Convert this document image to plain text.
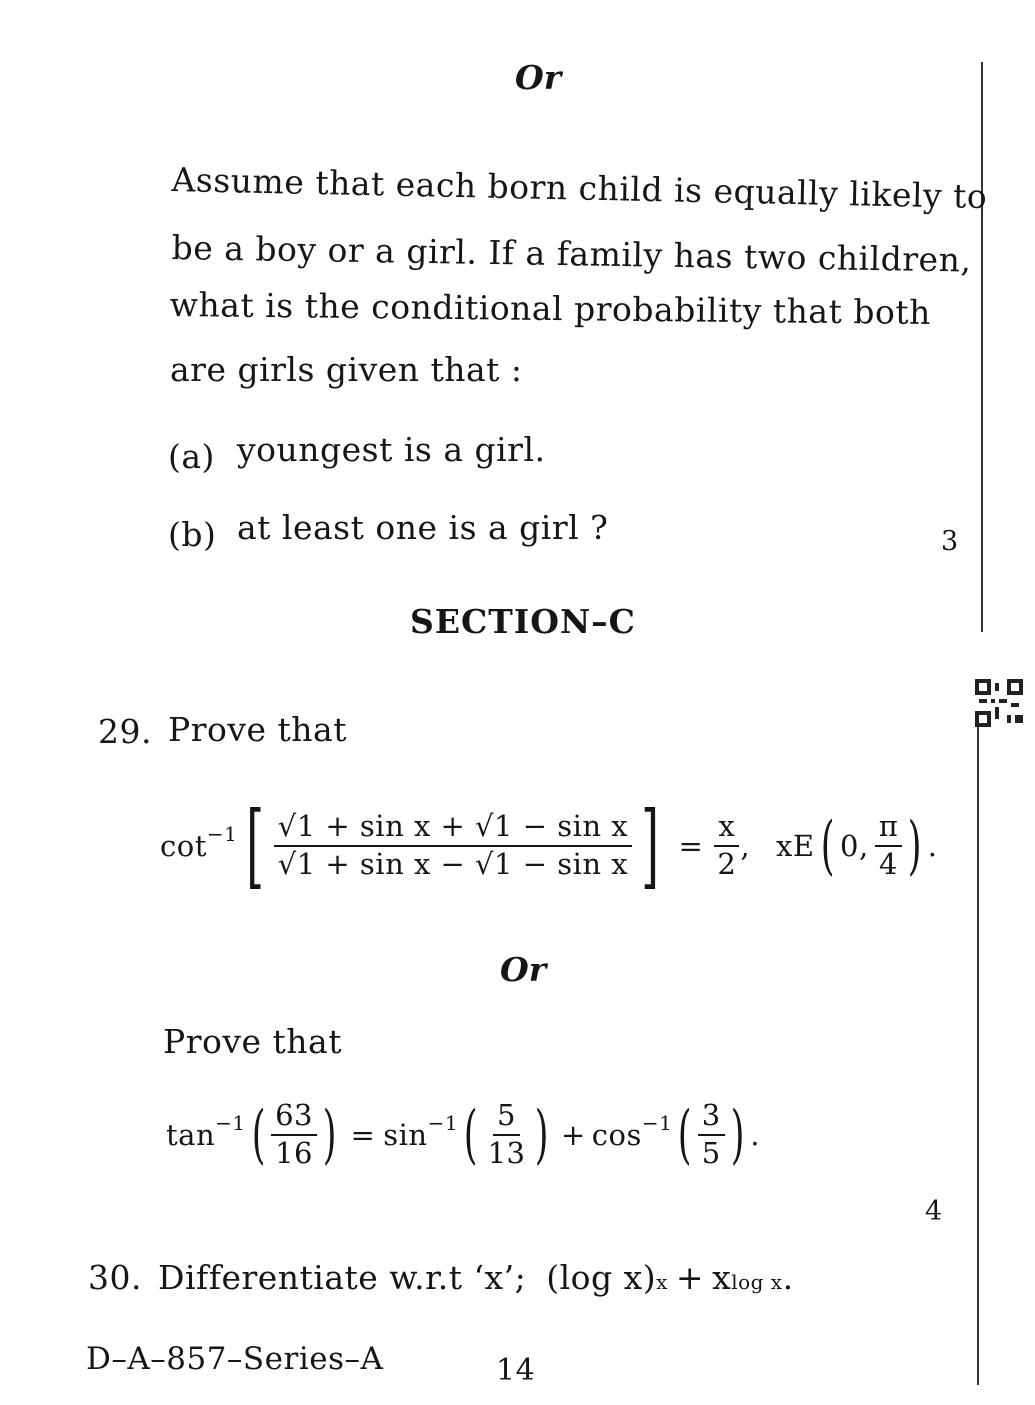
Or
Assume that each born child is equally likely to
be a boy or a girl. If a family has two children,
what is the conditional probability that both
are girls given that :
(a) youngest is a girl.
(b) at least one is a girl ?	3
SECTION–C
29. Prove that
$\cot^{-1}$ [ $\frac{\text{√1 + sin x + √1 − sin x}}{\text{√1 + sin x − √1 − sin x}}$ ] = $\frac{x}{2}$ , xE ( 0, $\frac{\pi}{4}$ ) .
Or
Prove that
$\tan^{-1}$ ( $\frac{63}{16}$ ) = $\sin^{-1}$ ( $\frac{5}{13}$ ) + $\cos^{-1}$ ( $\frac{3}{5}$ ) .
4
30. Differentiate w.r.t ‘x’; (log x) x + x log x .
D–A–857–Series–A	14
